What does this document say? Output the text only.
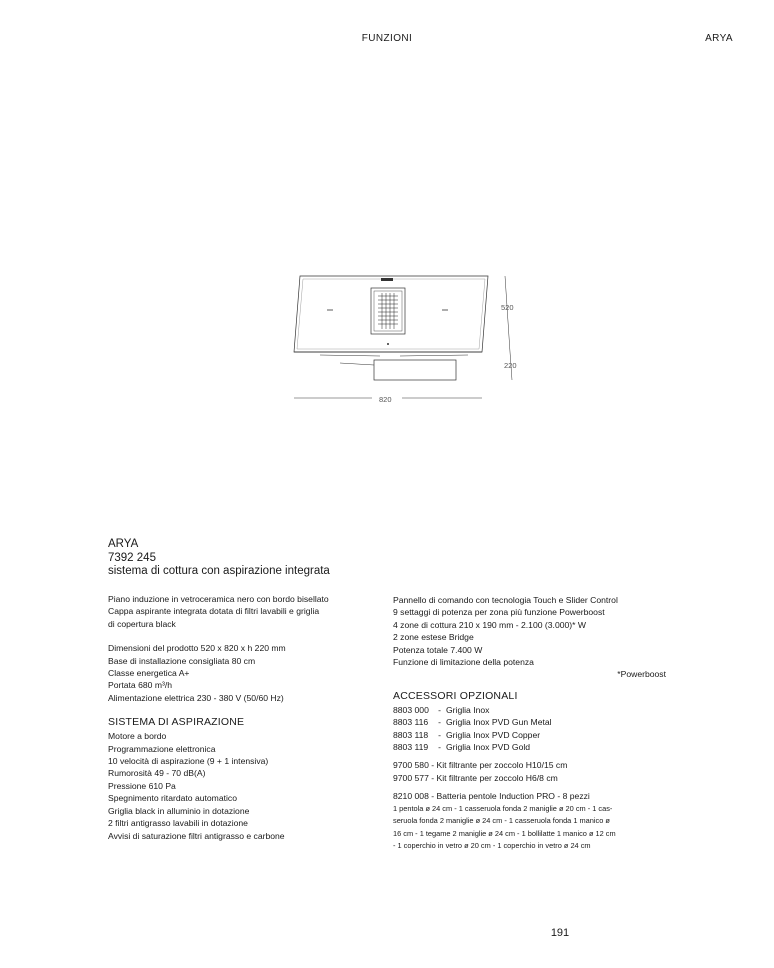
FUNZIONI	ARYA
520
220
820
ARYA
7392 245
sistema di cottura con aspirazione integrata
Piano induzione in vetroceramica nero con bordo bisellato
Cappa aspirante integrata dotata di filtri lavabili e griglia
di copertura black
Dimensioni del prodotto 520 x 820 x h 220 mm
Base di installazione consigliata 80 cm
Classe energetica A+
Portata 680 m³/h
Alimentazione elettrica 230 - 380 V (50/60 Hz)
SISTEMA DI ASPIRAZIONE
Motore a bordo
Programmazione elettronica
10 velocità di aspirazione (9 + 1 intensiva)
Rumorosità 49 - 70 dB(A)
Pressione 610 Pa
Spegnimento ritardato automatico
Griglia black in alluminio in dotazione
2 filtri antigrasso lavabili in dotazione
Avvisi di saturazione filtri antigrasso e carbone
Pannello di comando con tecnologia Touch e Slider Control
9 settaggi di potenza per zona più funzione Powerboost
4 zone di cottura 210 x 190 mm - 2.100 (3.000)* W
2 zone estese Bridge
Potenza totale 7.400 W
Funzione di limitazione della potenza
*Powerboost
ACCESSORI OPZIONALI
8803 000 - Griglia Inox
8803 116 - Griglia Inox PVD Gun Metal
8803 118 - Griglia Inox PVD Copper
8803 119 - Griglia Inox PVD Gold
9700 580 - Kit filtrante per zoccolo H10/15 cm
9700 577 - Kit filtrante per zoccolo H6/8 cm
8210 008 - Batteria pentole Induction PRO - 8 pezzi
1 pentola ø 24 cm - 1 casseruola fonda 2 maniglie ø 20 cm - 1 cas-
seruola fonda 2 maniglie ø 24 cm - 1 casseruola fonda 1 manico ø
16 cm - 1 tegame 2 maniglie ø 24 cm - 1 bollilatte 1 manico ø 12 cm
- 1 coperchio in vetro ø 20 cm - 1 coperchio in vetro ø 24 cm
191
